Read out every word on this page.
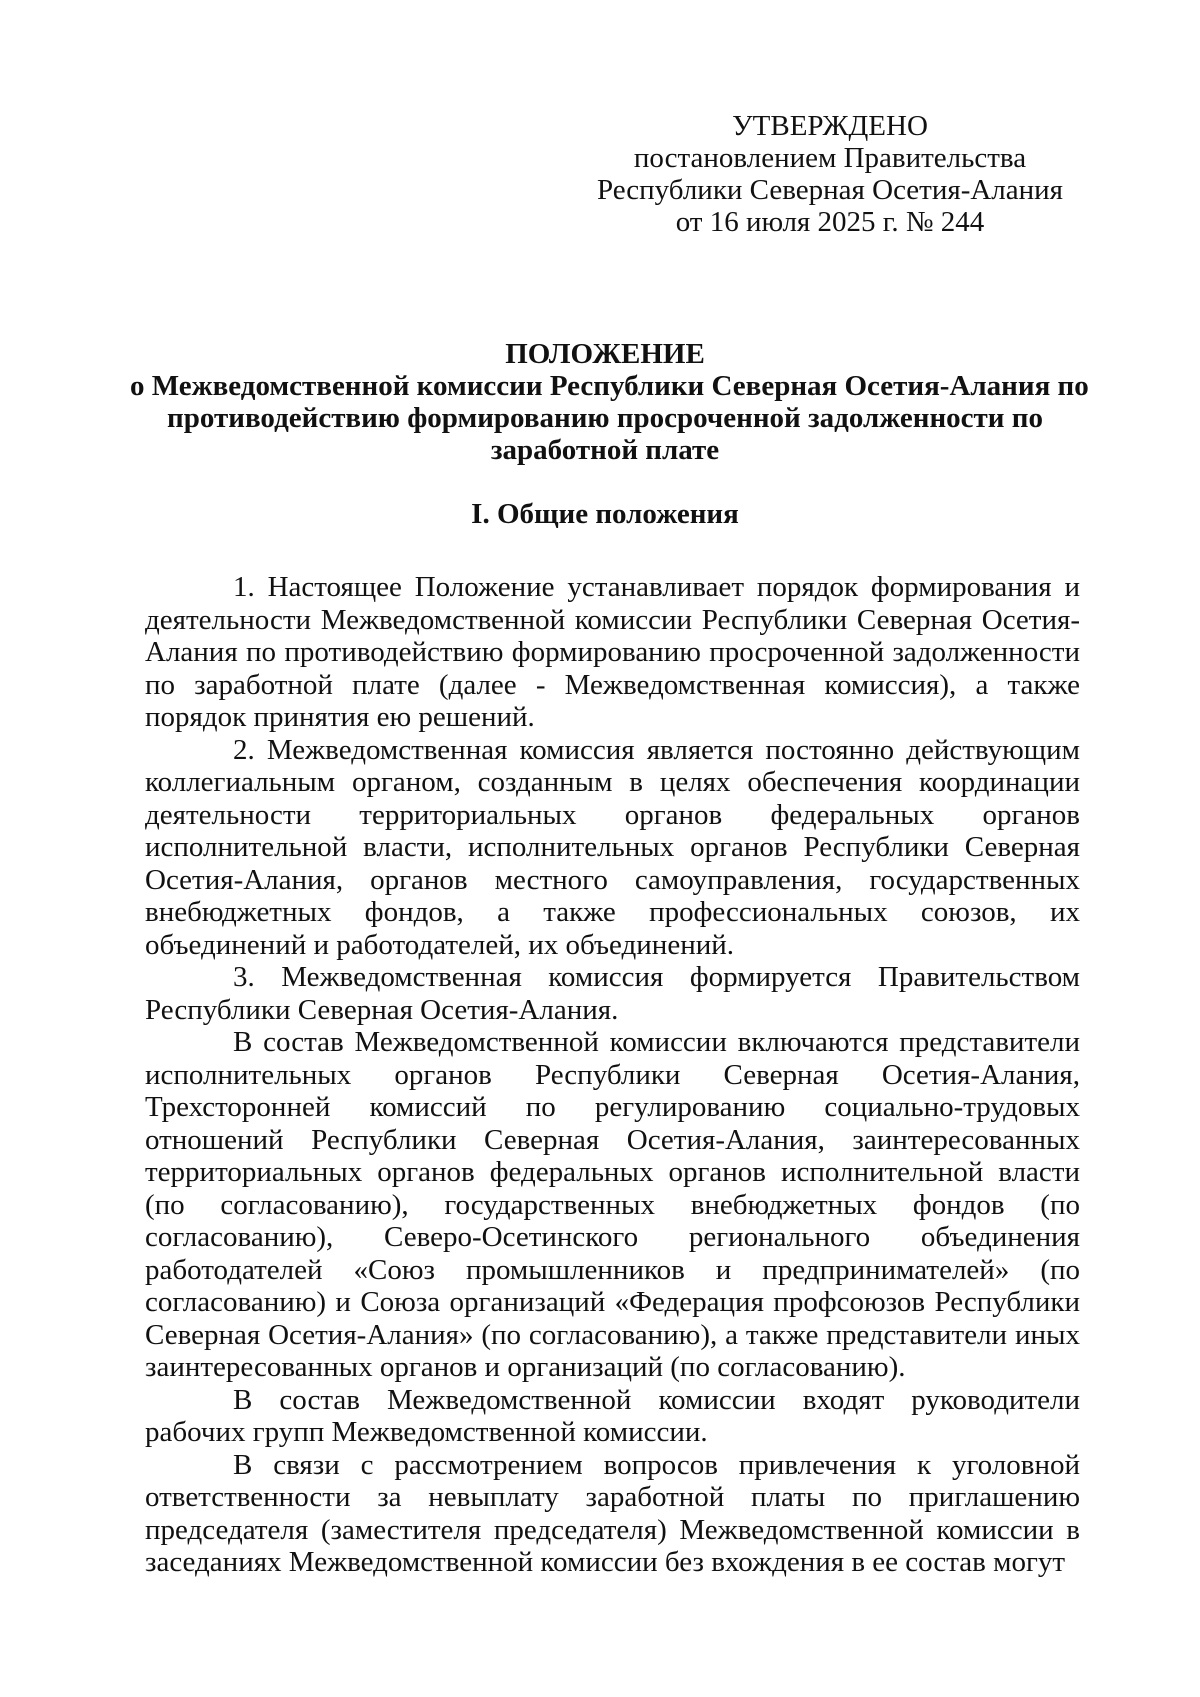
УТВЕРЖДЕНО
постановлением Правительства
Республики Северная Осетия-Алания
от 16 июля 2025 г. № 244
ПОЛОЖЕНИЕ
о Межведомственной комиссии Республики Северная Осетия-Алания по
противодействию формированию просроченной задолженности по
заработной плате
I. Общие положения

1. Настоящее Положение устанавливает порядок формирования и деятельности Межведомственной комиссии Республики Северная Осетия-Алания по противодействию формированию просроченной задолженности по заработной плате (далее - Межведомственная комиссия), а также порядок принятия ею решений.

2. Межведомственная комиссия является постоянно действующим коллегиальным органом, созданным в целях обеспечения координации деятельности территориальных органов федеральных органов исполнительной власти, исполнительных органов Республики Северная Осетия-Алания, органов местного самоуправления, государственных внебюджетных фондов, а также профессиональных союзов, их объединений и работодателей, их объединений.

3. Межведомственная комиссия формируется Правительством Республики Северная Осетия-Алания.

В состав Межведомственной комиссии включаются представители исполнительных органов Республики Северная Осетия-Алания, Трехсторонней комиссий по регулированию социально-трудовых отношений Республики Северная Осетия-Алания, заинтересованных территориальных органов федеральных органов исполнительной власти (по согласованию), государственных внебюджетных фондов (по согласованию), Северо-Осетинского регионального объединения работодателей «Союз промышленников и предпринимателей» (по согласованию) и Союза организаций «Федерация профсоюзов Республики Северная Осетия-Алания» (по согласованию), а также представители иных заинтересованных органов и организаций (по согласованию).

В состав Межведомственной комиссии входят руководители рабочих групп Межведомственной комиссии.

В связи с рассмотрением вопросов привлечения к уголовной ответственности за невыплату заработной платы по приглашению председателя (заместителя председателя) Межведомственной комиссии в заседаниях Межведомственной комиссии без вхождения в ее состав могут
